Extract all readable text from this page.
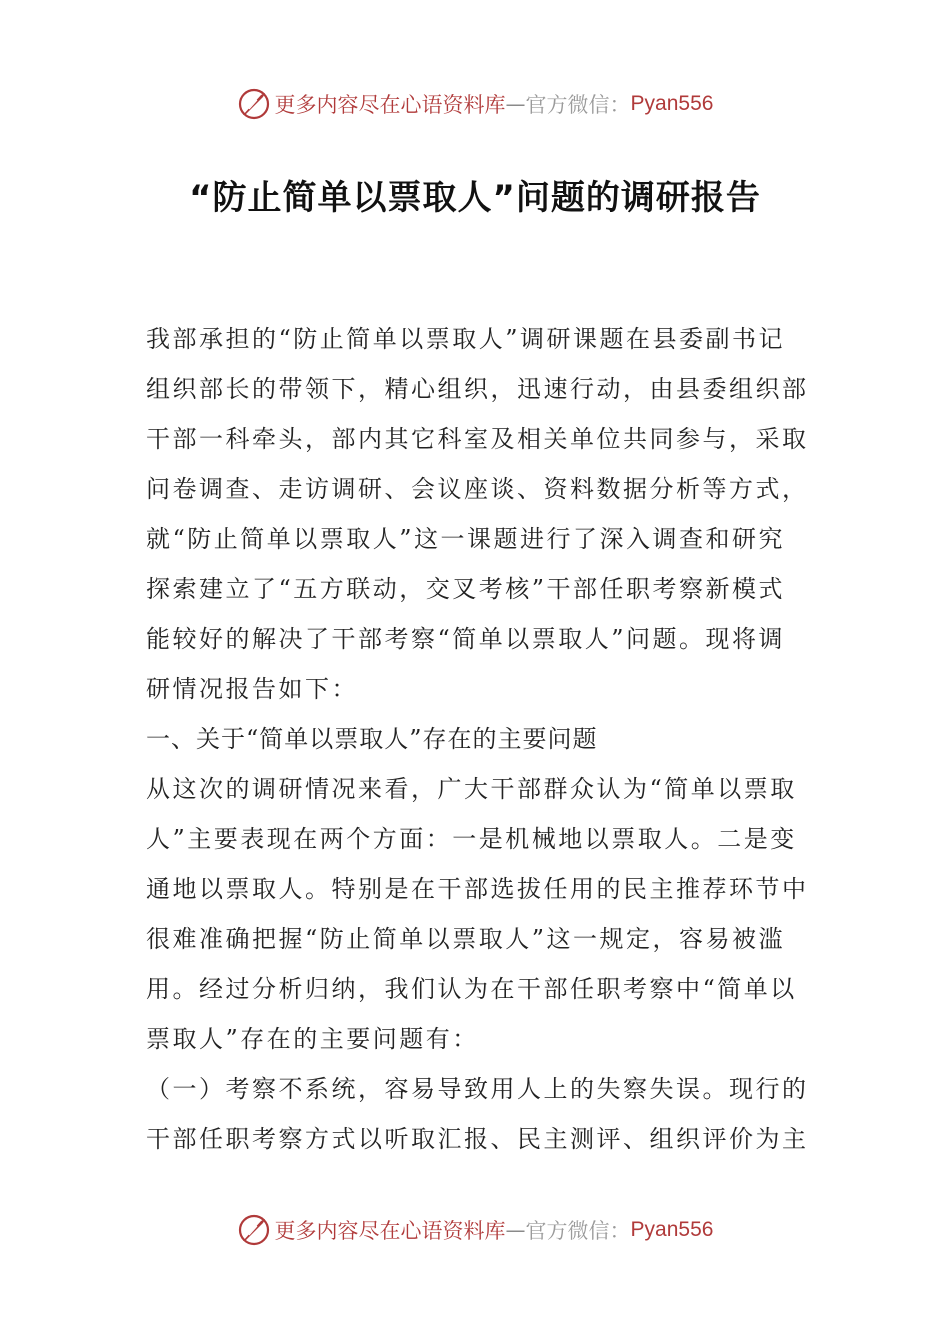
更多内容尽在心语资料库 — 官方微信： Pyan556
“防止简单以票取人”问题的调研报告
我部承担的“防止简单以票取人”调研课题在县委副书记
组织部长的带领下，精心组织，迅速行动，由县委组织部
干部一科牵头，部内其它科室及相关单位共同参与，采取
问卷调查、走访调研、会议座谈、资料数据分析等方式，
就“防止简单以票取人”这一课题进行了深入调查和研究
探索建立了“五方联动，交叉考核”干部任职考察新模式
能较好的解决了干部考察“简单以票取人”问题。现将调
研情况报告如下：
一、关于“简单以票取人”存在的主要问题
从这次的调研情况来看，广大干部群众认为“简单以票取
人”主要表现在两个方面：一是机械地以票取人。二是变
通地以票取人。特别是在干部选拔任用的民主推荐环节中
很难准确把握“防止简单以票取人”这一规定，容易被滥
用。经过分析归纳，我们认为在干部任职考察中“简单以
票取人”存在的主要问题有：
（一）考察不系统，容易导致用人上的失察失误。现行的
干部任职考察方式以听取汇报、民主测评、组织评价为主
更多内容尽在心语资料库 — 官方微信： Pyan556
